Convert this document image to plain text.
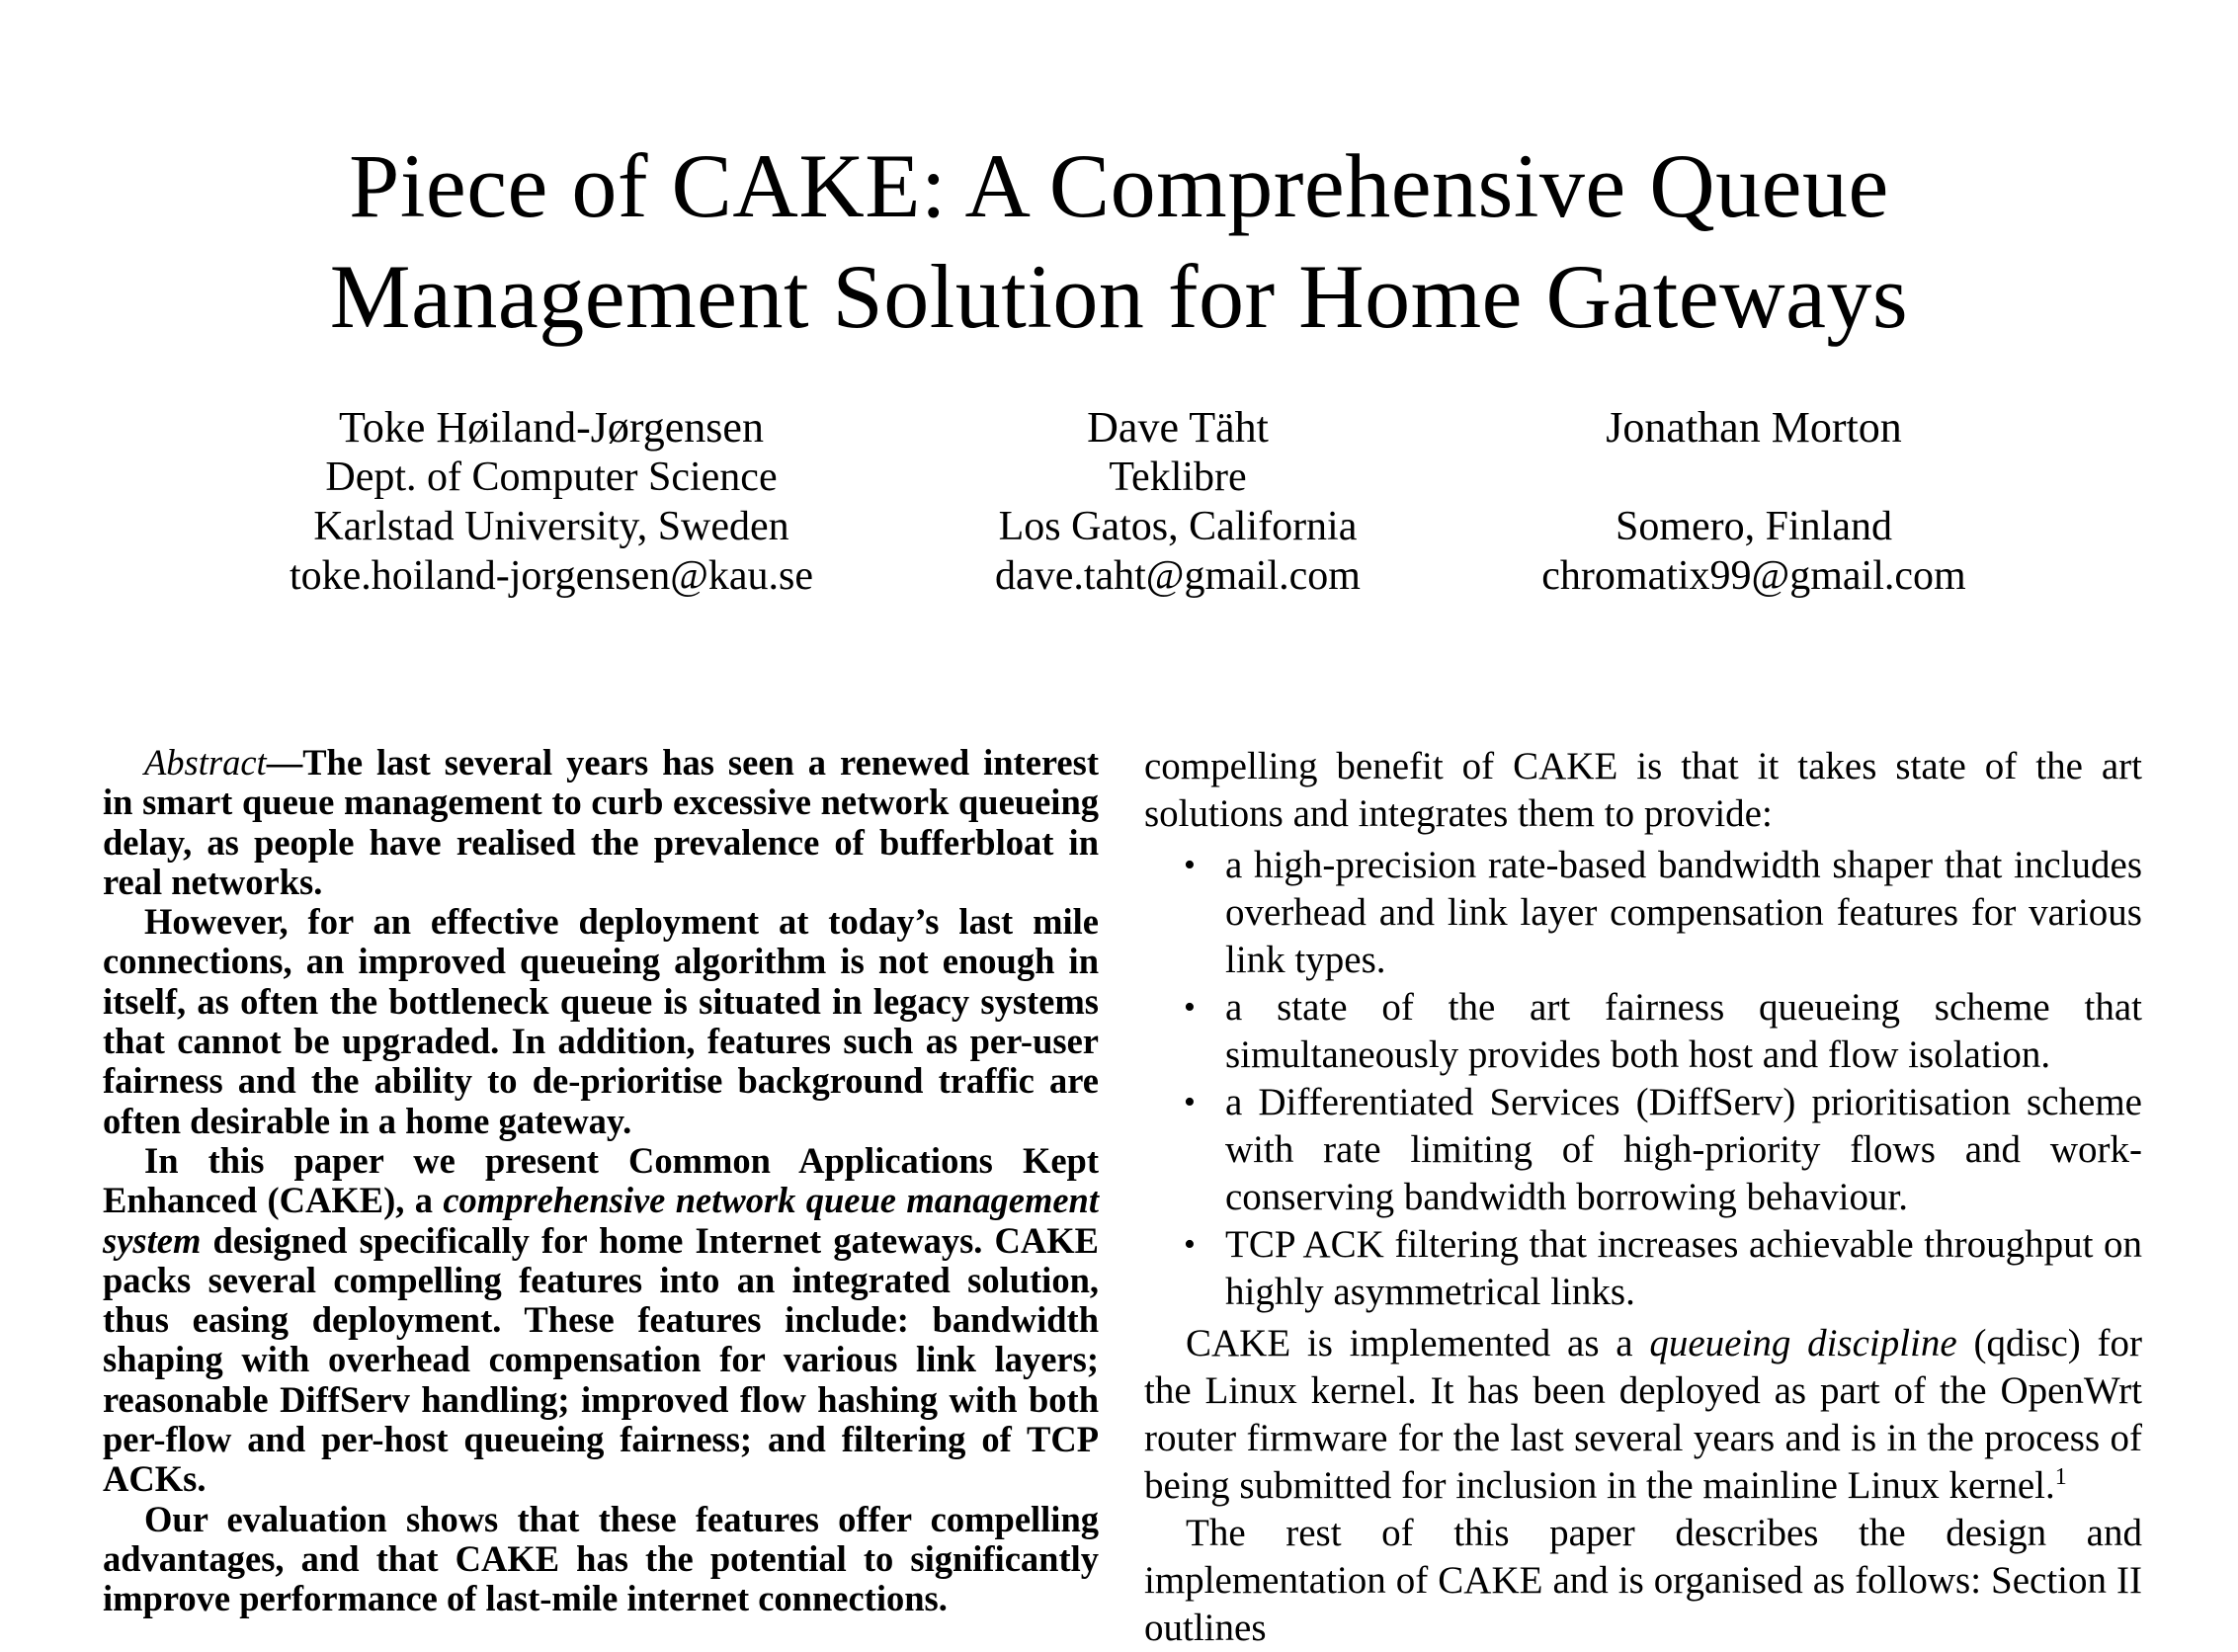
Piece of CAKE: A Comprehensive Queue
Management Solution for Home Gateways
Toke Høiland-Jørgensen
Dept. of Computer Science
Karlstad University, Sweden
toke.hoiland-jorgensen@kau.se
Dave Täht
Teklibre
Los Gatos, California
dave.taht@gmail.com
Jonathan Morton
Somero, Finland
chromatix99@gmail.com

Abstract—The last several years has seen a renewed interest in smart queue management to curb excessive network queueing delay, as people have realised the prevalence of bufferbloat in real networks.

However, for an effective deployment at today’s last mile connections, an improved queueing algorithm is not enough in itself, as often the bottleneck queue is situated in legacy systems that cannot be upgraded. In addition, features such as per-user fairness and the ability to de-prioritise background traffic are often desirable in a home gateway.

In this paper we present Common Applications Kept Enhanced (CAKE), a comprehensive network queue management system designed specifically for home Internet gateways. CAKE packs several compelling features into an integrated solution, thus easing deployment. These features include: bandwidth shaping with overhead compensation for various link layers; reasonable DiffServ handling; improved flow hashing with both per-flow and per-host queueing fairness; and filtering of TCP ACKs.

Our evaluation shows that these features offer compelling advantages, and that CAKE has the potential to significantly improve performance of last-mile internet connections.

compelling benefit of CAKE is that it takes state of the art solutions and integrates them to provide:

• a high-precision rate-based bandwidth shaper that includes overhead and link layer compensation features for various link types.
• a state of the art fairness queueing scheme that simultaneously provides both host and flow isolation.
• a Differentiated Services (DiffServ) prioritisation scheme with rate limiting of high-priority flows and work-conserving bandwidth borrowing behaviour.
• TCP ACK filtering that increases achievable throughput on highly asymmetrical links.

CAKE is implemented as a queueing discipline (qdisc) for the Linux kernel. It has been deployed as part of the OpenWrt router firmware for the last several years and is in the process of being submitted for inclusion in the mainline Linux kernel.$^1$

The rest of this paper describes the design and implementation of CAKE and is organised as follows: Section II outlines
